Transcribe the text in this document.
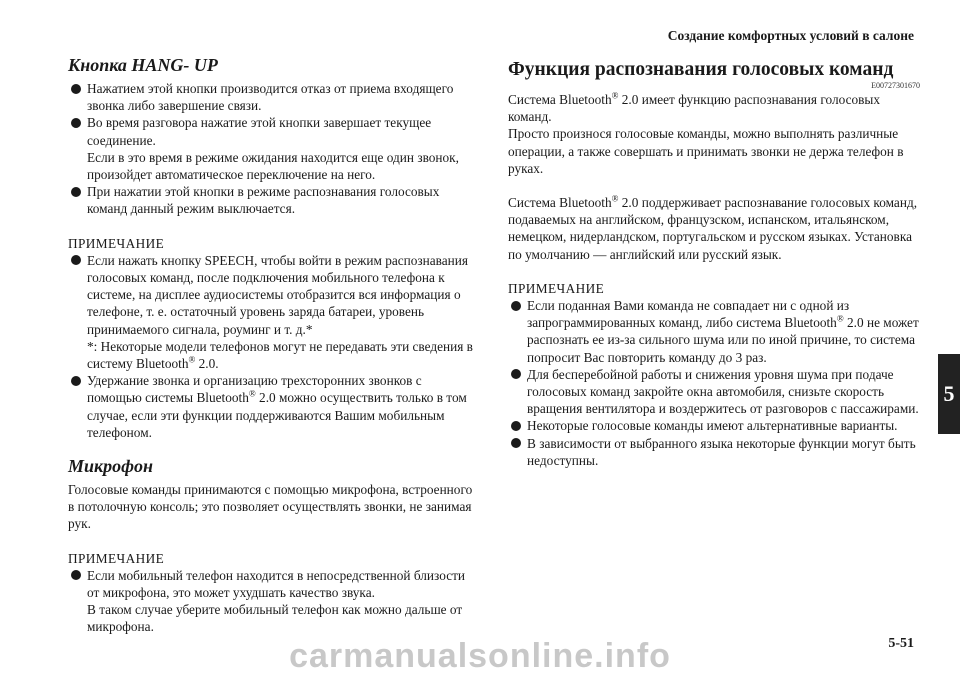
Создание комфортных условий в салоне
Кнопка HANG- UP
Нажатием этой кнопки производится отказ от приема входящего звонка либо завершение связи.
Во время разговора нажатие этой кнопки завершает текущее соединение.
Если в это время в режиме ожидания находится еще один звонок, произойдет автоматическое переключение на него.
При нажатии этой кнопки в режиме распознавания голосовых команд данный режим выключается.

ПРИМЕЧАНИЕ

Если нажать кнопку SPEECH, чтобы войти в режим распознавания голосовых команд, после подключения мобильного телефона к системе, на дисплее аудиосистемы отобразится вся информация о телефоне, т. е. остаточный уровень заряда батареи, уровень принимаемого сигнала, роуминг и т. д.*
*: Некоторые модели телефонов могут не передавать эти сведения в систему Bluetooth® 2.0.
Удержание звонка и организацию трехсторонних звонков с помощью системы Bluetooth® 2.0 можно осуществить только в том случае, если эти функции поддерживаются Вашим мобильным телефоном.
Микрофон

Голосовые команды принимаются с помощью микрофона, встроенного в потолочную консоль; это позволяет осуществлять звонки, не занимая рук.

ПРИМЕЧАНИЕ

Если мобильный телефон находится в непосредственной близости от микрофона, это может ухудшать качество звука.
В таком случае уберите мобильный телефон как можно дальше от микрофона.
Функция распознавания голосовых команд
E00727301670

Система Bluetooth® 2.0 имеет функцию распознавания голосовых команд.

Просто произнося голосовые команды, можно выполнять различные операции, а также совершать и принимать звонки не держа телефон в руках.

Система Bluetooth® 2.0 поддерживает распознавание голосовых команд, подаваемых на английском, французском, испанском, итальянском, немецком, нидерландском, португальском и русском языках. Установка по умолчанию — английский или русский язык.

ПРИМЕЧАНИЕ

Если поданная Вами команда не совпадает ни с одной из запрограммированных команд, либо система Bluetooth® 2.0 не может распознать ее из-за сильного шума или по иной причине, то система попросит Вас повторить команду до 3 раз.
Для бесперебойной работы и снижения уровня шума при подаче голосовых команд закройте окна автомобиля, снизьте скорость вращения вентилятора и воздержитесь от разговоров с пассажирами.
Некоторые голосовые команды имеют альтернативные варианты.
В зависимости от выбранного языка некоторые функции могут быть недоступны.
5
5-51
carmanualsonline.info
